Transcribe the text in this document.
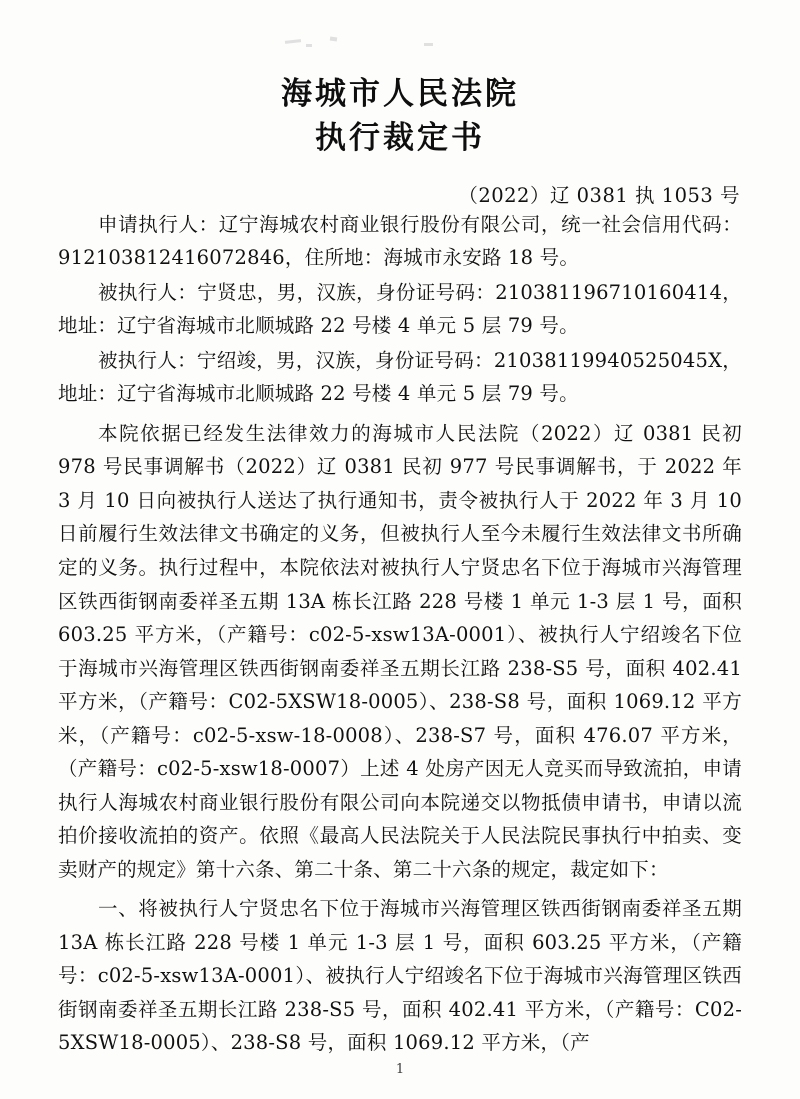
海城市人民法院
执行裁定书
（2022）辽 0381 执 1053 号

申请执行人：辽宁海城农村商业银行股份有限公司，统一社会信用代码：912103812416072846，住所地：海城市永安路 18 号。

被执行人：宁贤忠，男，汉族，身份证号码：210381196710160414，地址：辽宁省海城市北顺城路 22 号楼 4 单元 5 层 79 号。

被执行人：宁绍竣，男，汉族，身份证号码：21038119940525045X，地址：辽宁省海城市北顺城路 22 号楼 4 单元 5 层 79 号。

本院依据已经发生法律效力的海城市人民法院（2022）辽 0381 民初 978 号民事调解书（2022）辽 0381 民初 977 号民事调解书，于 2022 年 3 月 10 日向被执行人送达了执行通知书，责令被执行人于 2022 年 3 月 10 日前履行生效法律文书确定的义务，但被执行人至今未履行生效法律文书所确定的义务。执行过程中，本院依法对被执行人宁贤忠名下位于海城市兴海管理区铁西街钢南委祥圣五期 13A 栋长江路 228 号楼 1 单元 1-3 层 1 号，面积 603.25 平方米，（产籍号：c02-5-xsw13A-0001）、被执行人宁绍竣名下位于海城市兴海管理区铁西街钢南委祥圣五期长江路 238-S5 号，面积 402.41 平方米，（产籍号：C02-5XSW18-0005）、238-S8 号，面积 1069.12 平方米，（产籍号：c02-5-xsw-18-0008）、238-S7 号，面积 476.07 平方米，（产籍号：c02-5-xsw18-0007）上述 4 处房产因无人竞买而导致流拍，申请执行人海城农村商业银行股份有限公司向本院递交以物抵债申请书，申请以流拍价接收流拍的资产。依照《最高人民法院关于人民法院民事执行中拍卖、变卖财产的规定》第十六条、第二十条、第二十六条的规定，裁定如下：

一、将被执行人宁贤忠名下位于海城市兴海管理区铁西街钢南委祥圣五期 13A 栋长江路 228 号楼 1 单元 1-3 层 1 号，面积 603.25 平方米，（产籍号：c02-5-xsw13A-0001）、被执行人宁绍竣名下位于海城市兴海管理区铁西街钢南委祥圣五期长江路 238-S5 号，面积 402.41 平方米，（产籍号：C02-5XSW18-0005）、238-S8 号，面积 1069.12 平方米，（产

1
